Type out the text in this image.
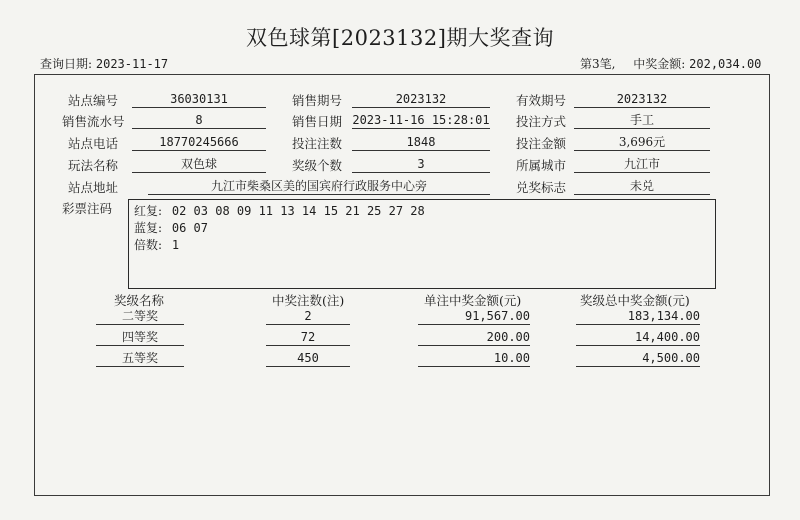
双色球第[2023132]期大奖查询
查询日期: 2023-11-17	第3笔, 中奖金额: 202,034.00
站点编号	36030131
销售流水号	8
站点电话	18770245666
玩法名称	双色球
站点地址	九江市柴桑区美的国宾府行政服务中心旁
销售期号	2023132
销售日期 2023-11-16 15:28:01
投注注数	1848
奖级个数	3
有效期号	2023132
投注方式	手工
投注金额	3,696元
所属城市	九江市
兑奖标志	未兑
彩票注码 红复: 02 03 08 09 11 13 14 15 21 25 27 28
蓝复: 06 07
倍数: 1
奖级名称	中奖注数(注)	单注中奖金额(元)	奖级总中奖金额(元)
二等奖	2	91,567.00	183,134.00
四等奖	72	200.00	14,400.00
五等奖	450	10.00	4,500.00
